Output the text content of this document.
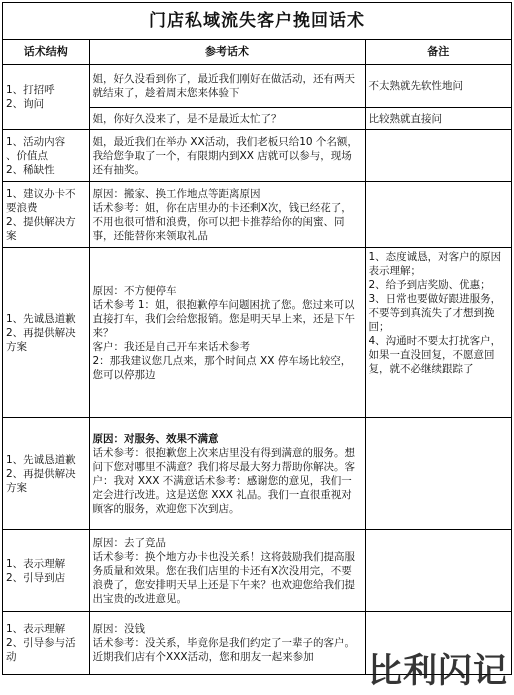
门店私域流失客户挽回话术
话术结构	参考话术	备注

1、打招呼
2、询问	姐，好久没看到你了，最近我们刚好在做活动，还有两天就结束了，趁着周末您来体验下	不太熟就先软性地问

	姐，你好久没来了，是不是最近太忙了？	比较熟就直接问

1、活动内容
、价值点
2、稀缺性	姐，最近我们在举办 XX活动，我们老板只给10 个名额，我给您争取了一个，有限期内到XX 店就可以参与，现场还有抽奖。	

1、建议办卡不要浪费
2、提供解决方案	原因：搬家、换工作地点等距离原因
话术参考：姐，你在店里办的卡还剩X次，钱已经花了，不用也很可惜和浪费，你可以把卡推荐给你的闺蜜、同事，还能替你来领取礼品	

1、先诚恳道歉
2、再提供解决方案	原因：不方便停车
话术参考 1：姐，很抱歉停车问题困扰了您。您过来可以直接打车，我们会给您报销。您是明天早上来，还是下午来？
客户：我还是自己开车来话术参考
2：那我建议您几点来，那个时间点 XX 停车场比较空，您可以停那边	1、态度诚恳，对客户的原因表示理解；
2、给予到店奖励、优惠；
3、日常也要做好跟进服务，不要等到真流失了才想到挽回；
4、沟通时不要太打扰客户，如果一直没回复，不愿意回复，就不必继续跟踪了

1、先诚恳道歉2、再提供解决方案	原因：对服务、效果不满意
话术参考：很抱歉您上次来店里没有得到满意的服务。想问下您对哪里不满意？我们将尽最大努力帮助你解决。客户：我对 XXX 不满意话术参考：感谢您的意见，我们一定会进行改进。这是送您 XXX 礼品。我们一直很重视对顾客的服务，欢迎您下次到店。	

1、表示理解
2、引导到店	原因：去了竞品
话术参考：换个地方办卡也没关系！这将鼓励我们提高服务质量和效果。您在我们店里的卡还有X次没用完，不要浪费了，您安排明天早上还是下午来？也欢迎您给我们提出宝贵的改进意见。	

1、表示理解
2、引导参与活动	原因：没钱
话术参考：没关系，毕竟你是我们约定了一辈子的客户。近期我们店有个XXX活动，您和朋友一起来参加	
		比利闪记
